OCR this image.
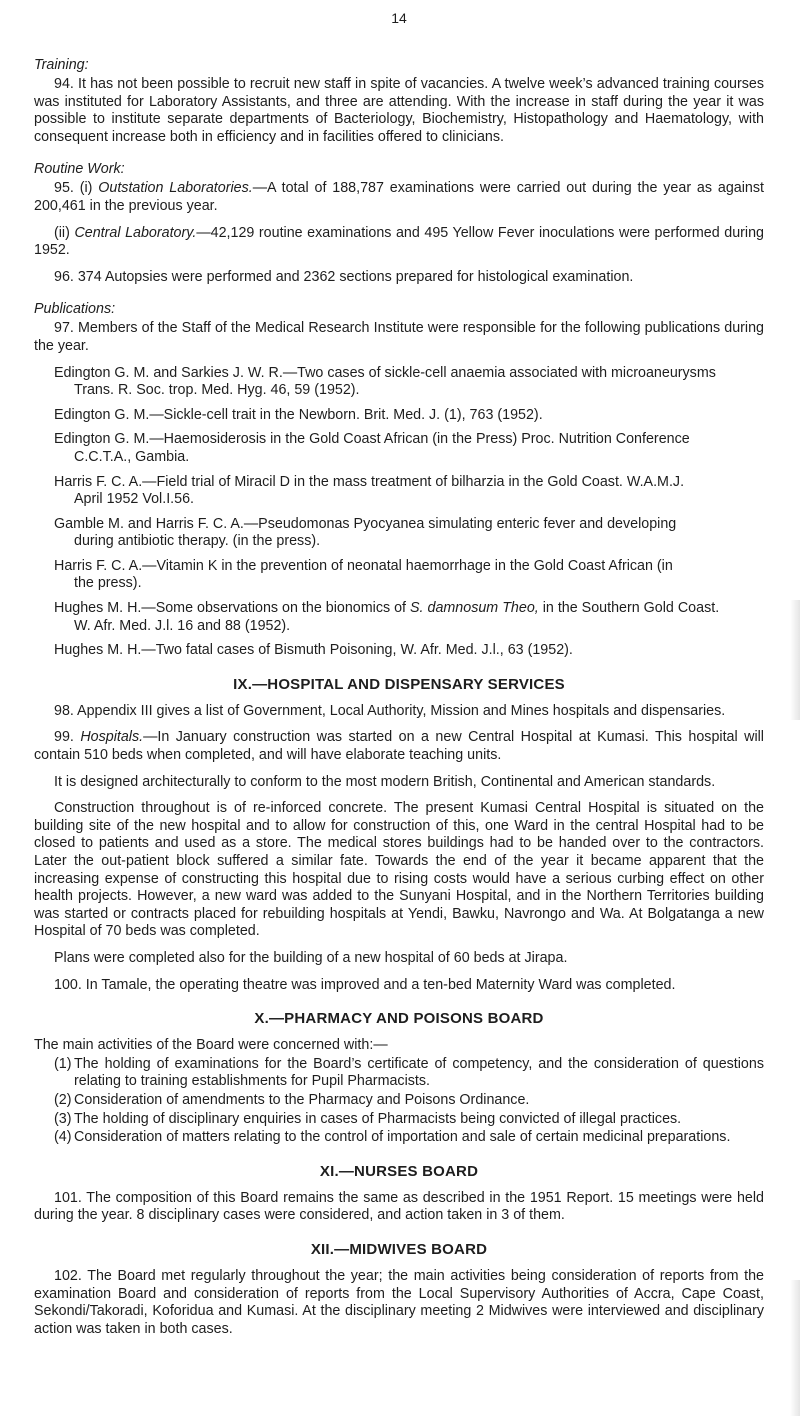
14
Training:

94. It has not been possible to recruit new staff in spite of vacancies. A twelve week’s advanced training courses was instituted for Laboratory Assistants, and three are attending. With the increase in staff during the year it was possible to institute separate departments of Bacteriology, Biochemistry, Histopathology and Haematology, with consequent increase both in efficiency and in facilities offered to clinicians.

Routine Work:

95. (i) Outstation Laboratories.—A total of 188,787 examinations were carried out during the year as against 200,461 in the previous year.

(ii) Central Laboratory.—42,129 routine examinations and 495 Yellow Fever inoculations were performed during 1952.

96. 374 Autopsies were performed and 2362 sections prepared for histological examination.

Publications:

97. Members of the Staff of the Medical Research Institute were responsible for the following publications during the year.

Edington G. M. and Sarkies J. W. R.—Two cases of sickle-cell anaemia associated with microaneurysms
Trans. R. Soc. trop. Med. Hyg. 46, 59 (1952).

Edington G. M.—Sickle-cell trait in the Newborn. Brit. Med. J. (1), 763 (1952).

Edington G. M.—Haemosiderosis in the Gold Coast African (in the Press) Proc. Nutrition Conference
C.C.T.A., Gambia.

Harris F. C. A.—Field trial of Miracil D in the mass treatment of bilharzia in the Gold Coast. W.A.M.J.
April 1952 Vol.I.56.

Gamble M. and Harris F. C. A.—Pseudomonas Pyocyanea simulating enteric fever and developing
during antibiotic therapy. (in the press).

Harris F. C. A.—Vitamin K in the prevention of neonatal haemorrhage in the Gold Coast African (in
the press).

Hughes M. H.—Some observations on the bionomics of S. damnosum Theo, in the Southern Gold Coast.
W. Afr. Med. J.l. 16 and 88 (1952).

Hughes M. H.—Two fatal cases of Bismuth Poisoning, W. Afr. Med. J.l., 63 (1952).

IX.—HOSPITAL AND DISPENSARY SERVICES

98. Appendix III gives a list of Government, Local Authority, Mission and Mines hospitals and dispensaries.

99. Hospitals.—In January construction was started on a new Central Hospital at Kumasi. This hospital will contain 510 beds when completed, and will have elaborate teaching units.

It is designed architecturally to conform to the most modern British, Continental and American standards.

Construction throughout is of re-inforced concrete. The present Kumasi Central Hospital is situated on the building site of the new hospital and to allow for construction of this, one Ward in the central Hospital had to be closed to patients and used as a store. The medical stores buildings had to be handed over to the contractors. Later the out-patient block suffered a similar fate. Towards the end of the year it became apparent that the increasing expense of constructing this hospital due to rising costs would have a serious curbing effect on other health projects. However, a new ward was added to the Sunyani Hospital, and in the Northern Territories building was started or contracts placed for rebuilding hospitals at Yendi, Bawku, Navrongo and Wa. At Bolgatanga a new Hospital of 70 beds was completed.

Plans were completed also for the building of a new hospital of 60 beds at Jirapa.

100. In Tamale, the operating theatre was improved and a ten-bed Maternity Ward was completed.

X.—PHARMACY AND POISONS BOARD

The main activities of the Board were concerned with:—

(1) The holding of examinations for the Board’s certificate of competency, and the consideration of questions relating to training establishments for Pupil Pharmacists.
(2) Consideration of amendments to the Pharmacy and Poisons Ordinance.
(3) The holding of disciplinary enquiries in cases of Pharmacists being convicted of illegal practices.
(4) Consideration of matters relating to the control of importation and sale of certain medicinal preparations.
XI.—NURSES BOARD

101. The composition of this Board remains the same as described in the 1951 Report. 15 meetings were held during the year. 8 disciplinary cases were considered, and action taken in 3 of them.

XII.—MIDWIVES BOARD

102. The Board met regularly throughout the year; the main activities being consideration of reports from the examination Board and consideration of reports from the Local Supervisory Authorities of Accra, Cape Coast, Sekondi/Takoradi, Koforidua and Kumasi. At the disciplinary meeting 2 Midwives were interviewed and disciplinary action was taken in both cases.
